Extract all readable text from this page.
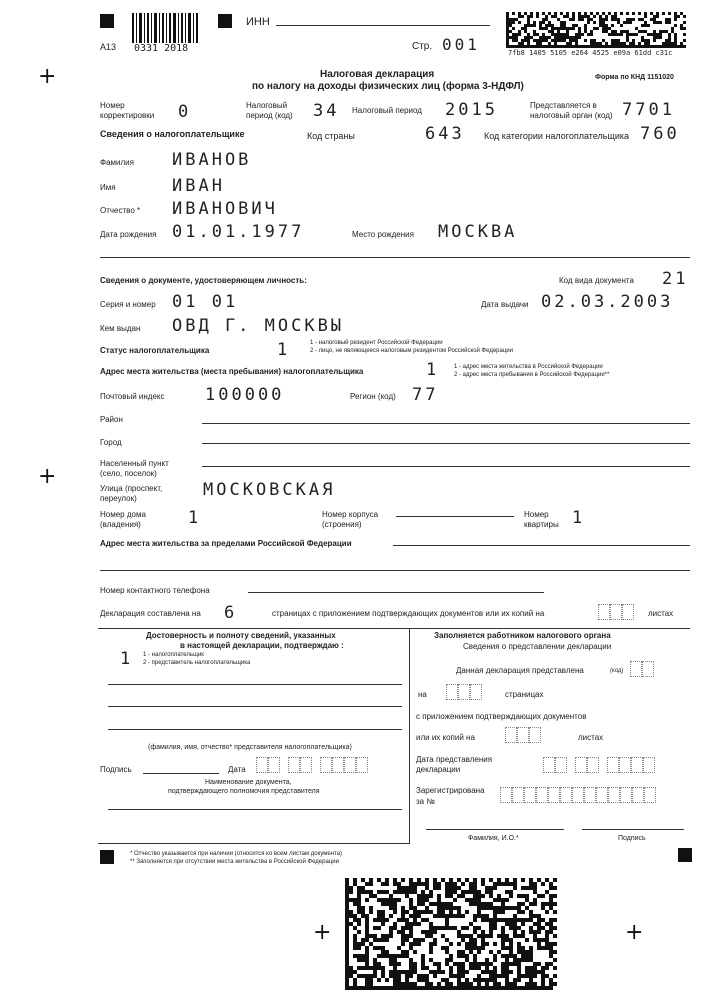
+
+
+	+
A13 0331 2018
ИНН
Стр. 001	7fb8 1405 5105 e264 4525 e09a 61dd c31c
Налоговая декларация
по налогу на доходы физических лиц (форма 3-НДФЛ)
Форма по КНД 1151020
Номер корректировки	0	Налоговый период (код)	34 Налоговый период 2015	Представляется в налоговый орган (код) 7701
Сведения о налогоплательщике	Код страны	643 Код категории налогоплательщика 760
Фамилия ИВАНОВ
Имя	ИВАН
Отчество * ИВАНОВИЧ
Дата рождения 01.01.1977	Место рождения МОСКВА
Сведения о документе, удостоверяющем личность:	Код вида документа 21
Серия и номер 01 01	Дата выдачи 02.03.2003
Кем выдан ОВД Г. МОСКВЫ
Статус налогоплательщика	1	1 - налоговый резидент Российской Федерации
2 - лицо, не являющееся налоговым резидентом Российской Федерации
Адрес места жительства (места пребывания) налогоплательщика	1 1 - адрес места жительства в Российской Федерации
2 - адрес места пребывания в Российской Федерации**
Почтовый индекс 100000	Регион (код) 77
Район
Город
Населенный пункт
(село, поселок)
Улица (проспект,
переулок)	МОСКОВСКАЯ
Номер дома
(владения)	1	Номер корпуса
(строения)
Номер
квартиры 1
Адрес места жительства за пределами Российской Федерации
Номер контактного телефона
Декларация составлена на 6	страницах с приложением подтверждающих документов или их копий на	листах
Достоверность и полноту сведений, указанных
в настоящей декларации, подтверждаю :
1 1 - налогоплательщик
2 - представитель налогоплательщика
(фамилия, имя, отчество* представителя налогоплательщика)
Подпись	Дата
Наименование документа,
подтверждающего полномочия представителя
Заполняется работником налогового органа
Сведения о представлении декларации
Данная декларация представлена	(код)
на	страницах
с приложением подтверждающих документов
или их копий на	листах
Дата представления
декларации
Зарегистрирована
за №
Фамилия, И.О.*	Подпись
* Отчество указывается при наличии (относится ко всем листам документа)
** Заполняется при отсутствии места жительства в Российской Федерации
